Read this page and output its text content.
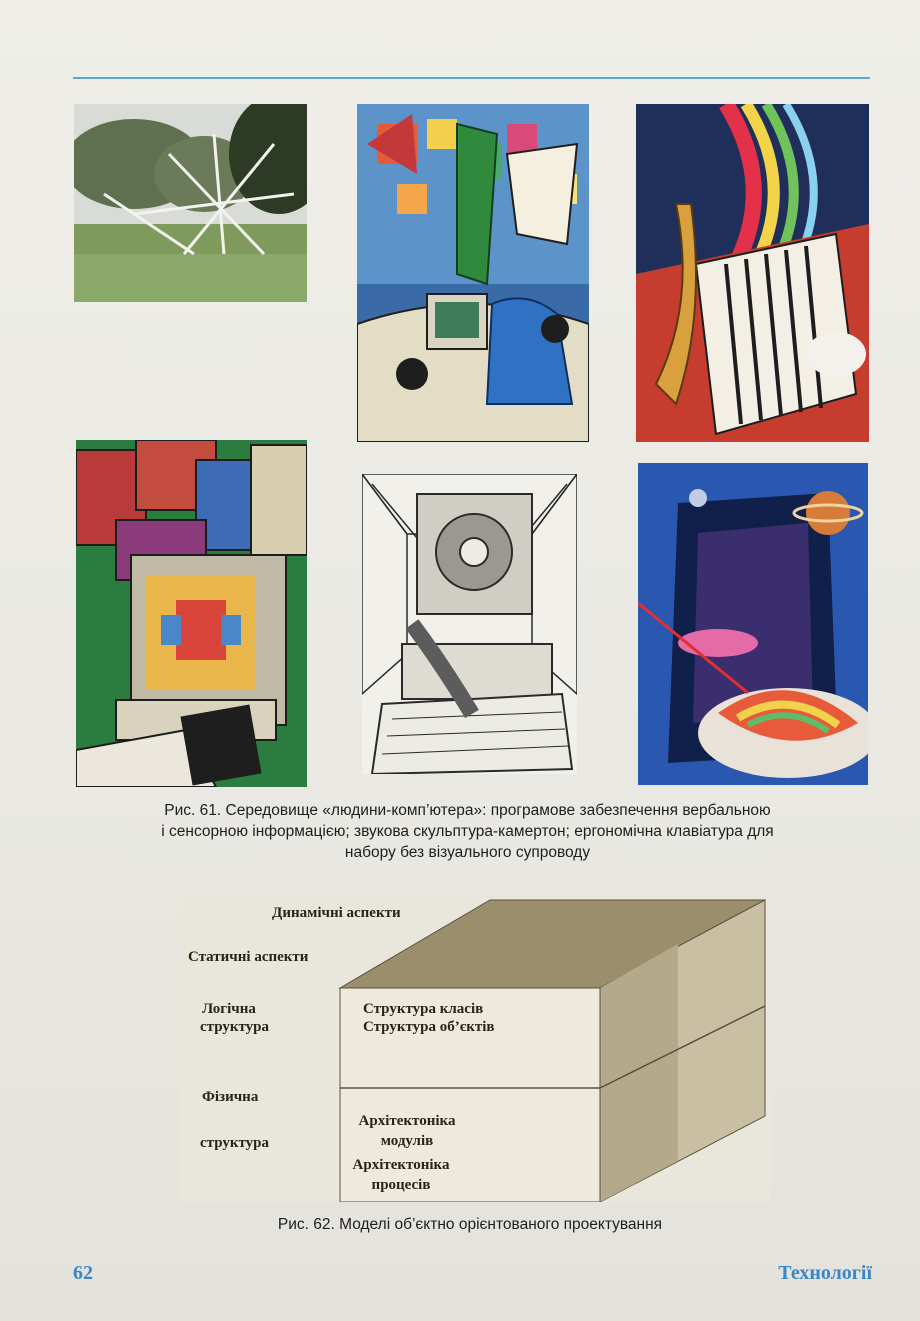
Рис. 61. Середовище «людини-комп’ютера»: програмове забезпечення вербальною
і сенсорною інформацією; звукова скульптура-камертон; ергономічна клавіатура для
набору без візуального супроводу
Динамічні аспекти
Статичні аспекти
Логічна
структура
Фізична
структура
Структура класів
Структура об’єктів
Архітектоніка
модулів
Архітектоніка
процесів
Рис. 62. Моделі об’єктно орієнтованого проектування
62	Технології
